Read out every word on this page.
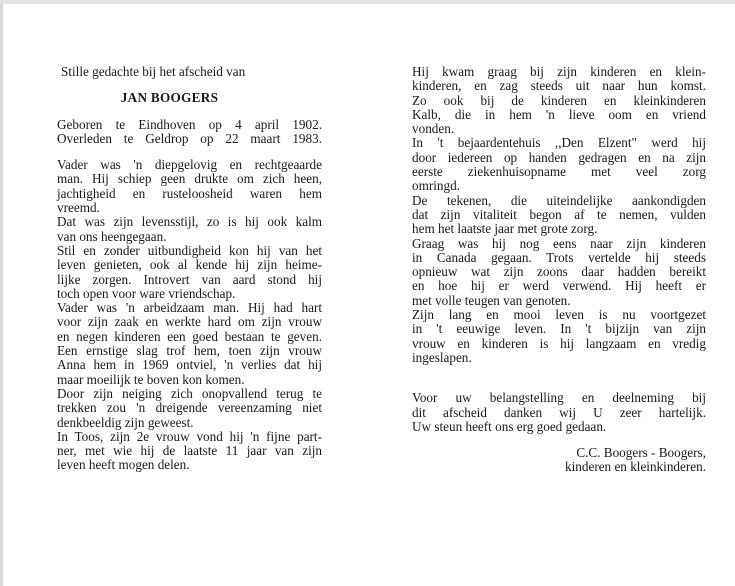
Stille gedachte bij het afscheid van
JAN BOOGERS
Geboren te Eindhoven op 4 april 1902.
Overleden te Geldrop op 22 maart 1983.
Vader was 'n diepgelovig en rechtgeaarde
man. Hij schiep geen drukte om zich heen,
jachtigheid en rusteloosheid waren hem
vreemd.
Dat was zijn levensstijl, zo is hij ook kalm
van ons heengegaan.
Stil en zonder uitbundigheid kon hij van het
leven genieten, ook al kende hij zijn heime-
lijke zorgen. Introvert van aard stond hij
toch open voor ware vriendschap.
Vader was 'n arbeidzaam man. Hij had hart
voor zijn zaak en werkte hard om zijn vrouw
en negen kinderen een goed bestaan te geven.
Een ernstige slag trof hem, toen zijn vrouw
Anna hem in 1969 ontviel, 'n verlies dat hij
maar moeilijk te boven kon komen.
Door zijn neiging zich onopvallend terug te
trekken zou 'n dreigende vereenzaming niet
denkbeeldig zijn geweest.
In Toos, zijn 2e vrouw vond hij 'n fijne part-
ner, met wie hij de laatste 11 jaar van zijn
leven heeft mogen delen.
Hij kwam graag bij zijn kinderen en klein-
kinderen, en zag steeds uit naar hun komst.
Zo ook bij de kinderen en kleinkinderen
Kalb, die in hem 'n lieve oom en vriend
vonden.
In 't bejaardentehuis ,,Den Elzent" werd hij
door iedereen op handen gedragen en na zijn
eerste ziekenhuisopname met veel zorg
omringd.
De tekenen, die uiteindelijke aankondigden
dat zijn vitaliteit begon af te nemen, vulden
hem het laatste jaar met grote zorg.
Graag was hij nog eens naar zijn kinderen
in Canada gegaan. Trots vertelde hij steeds
opnieuw wat zijn zoons daar hadden bereikt
en hoe hij er werd verwend. Hij heeft er
met volle teugen van genoten.
Zijn lang en mooi leven is nu voortgezet
in 't eeuwige leven. In 't bijzijn van zijn
vrouw en kinderen is hij langzaam en vredig
ingeslapen.
Voor uw belangstelling en deelneming bij
dit afscheid danken wij U zeer hartelijk.
Uw steun heeft ons erg goed gedaan.
C.C. Boogers - Boogers,
kinderen en kleinkinderen.
